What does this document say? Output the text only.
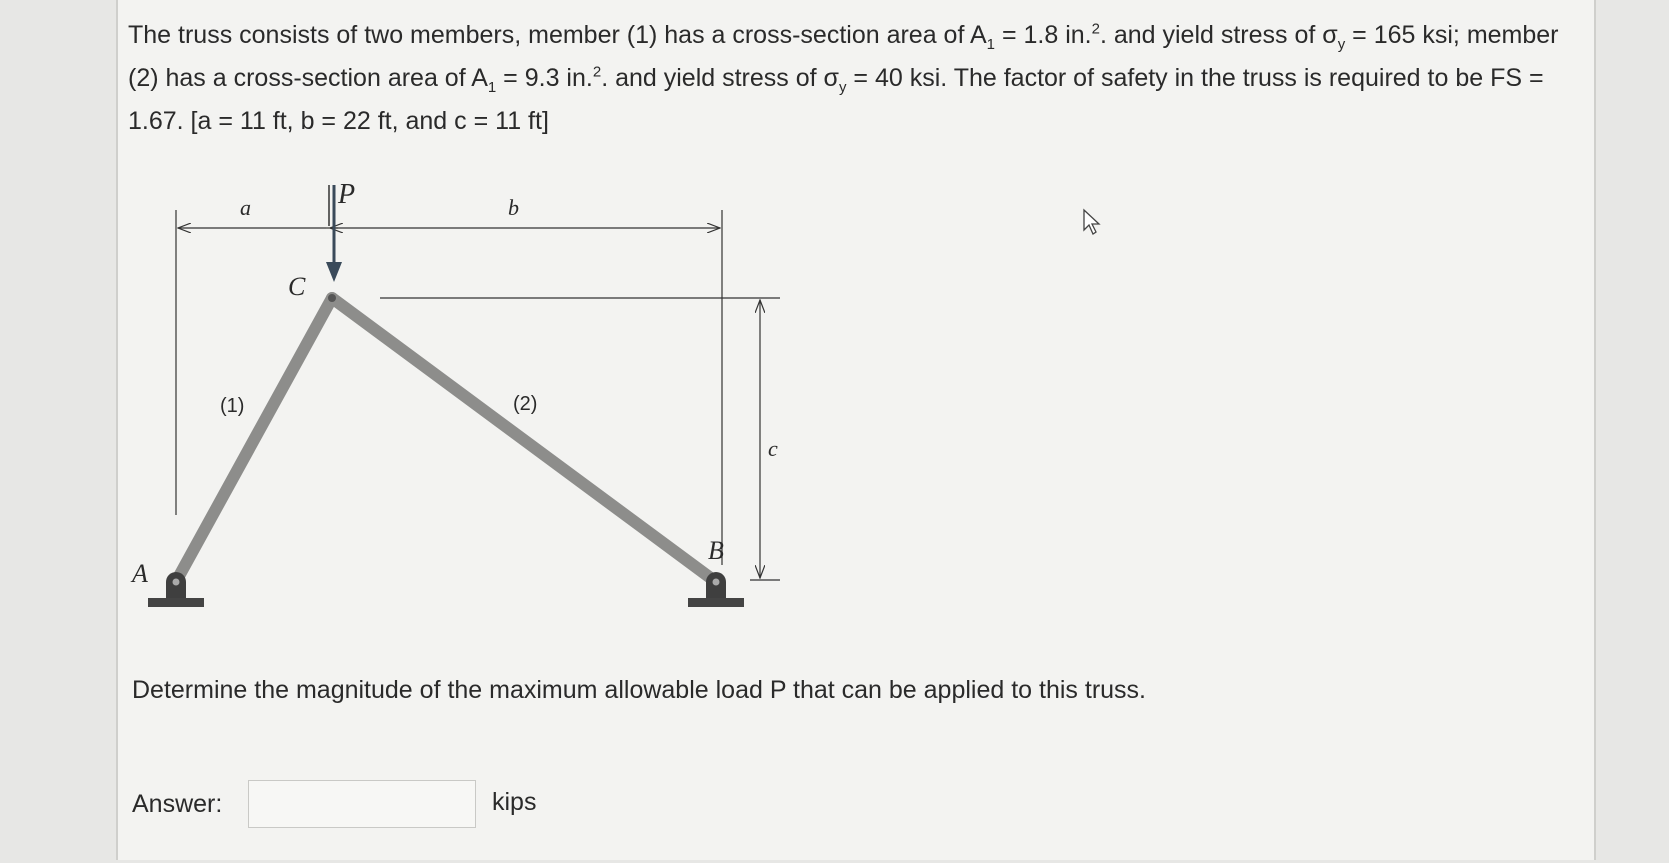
The truss consists of two members, member (1) has a cross-section area of $A_1 = 1.8$ in.$^2$. and yield stress of $\sigma_y = 165$ ksi; member (2) has a cross-section area of $A_1 = 9.3$ in.$^2$. and yield stress of $\sigma_y = 40$ ksi. The factor of safety in the truss is required to be FS = 1.67. [a = 11 ft, b = 22 ft, and c = 11 ft]

a	b
c
P
C
(1)	(2)
A
B

Determine the magnitude of the maximum allowable load P that can be applied to this truss.

Answer:	kips
